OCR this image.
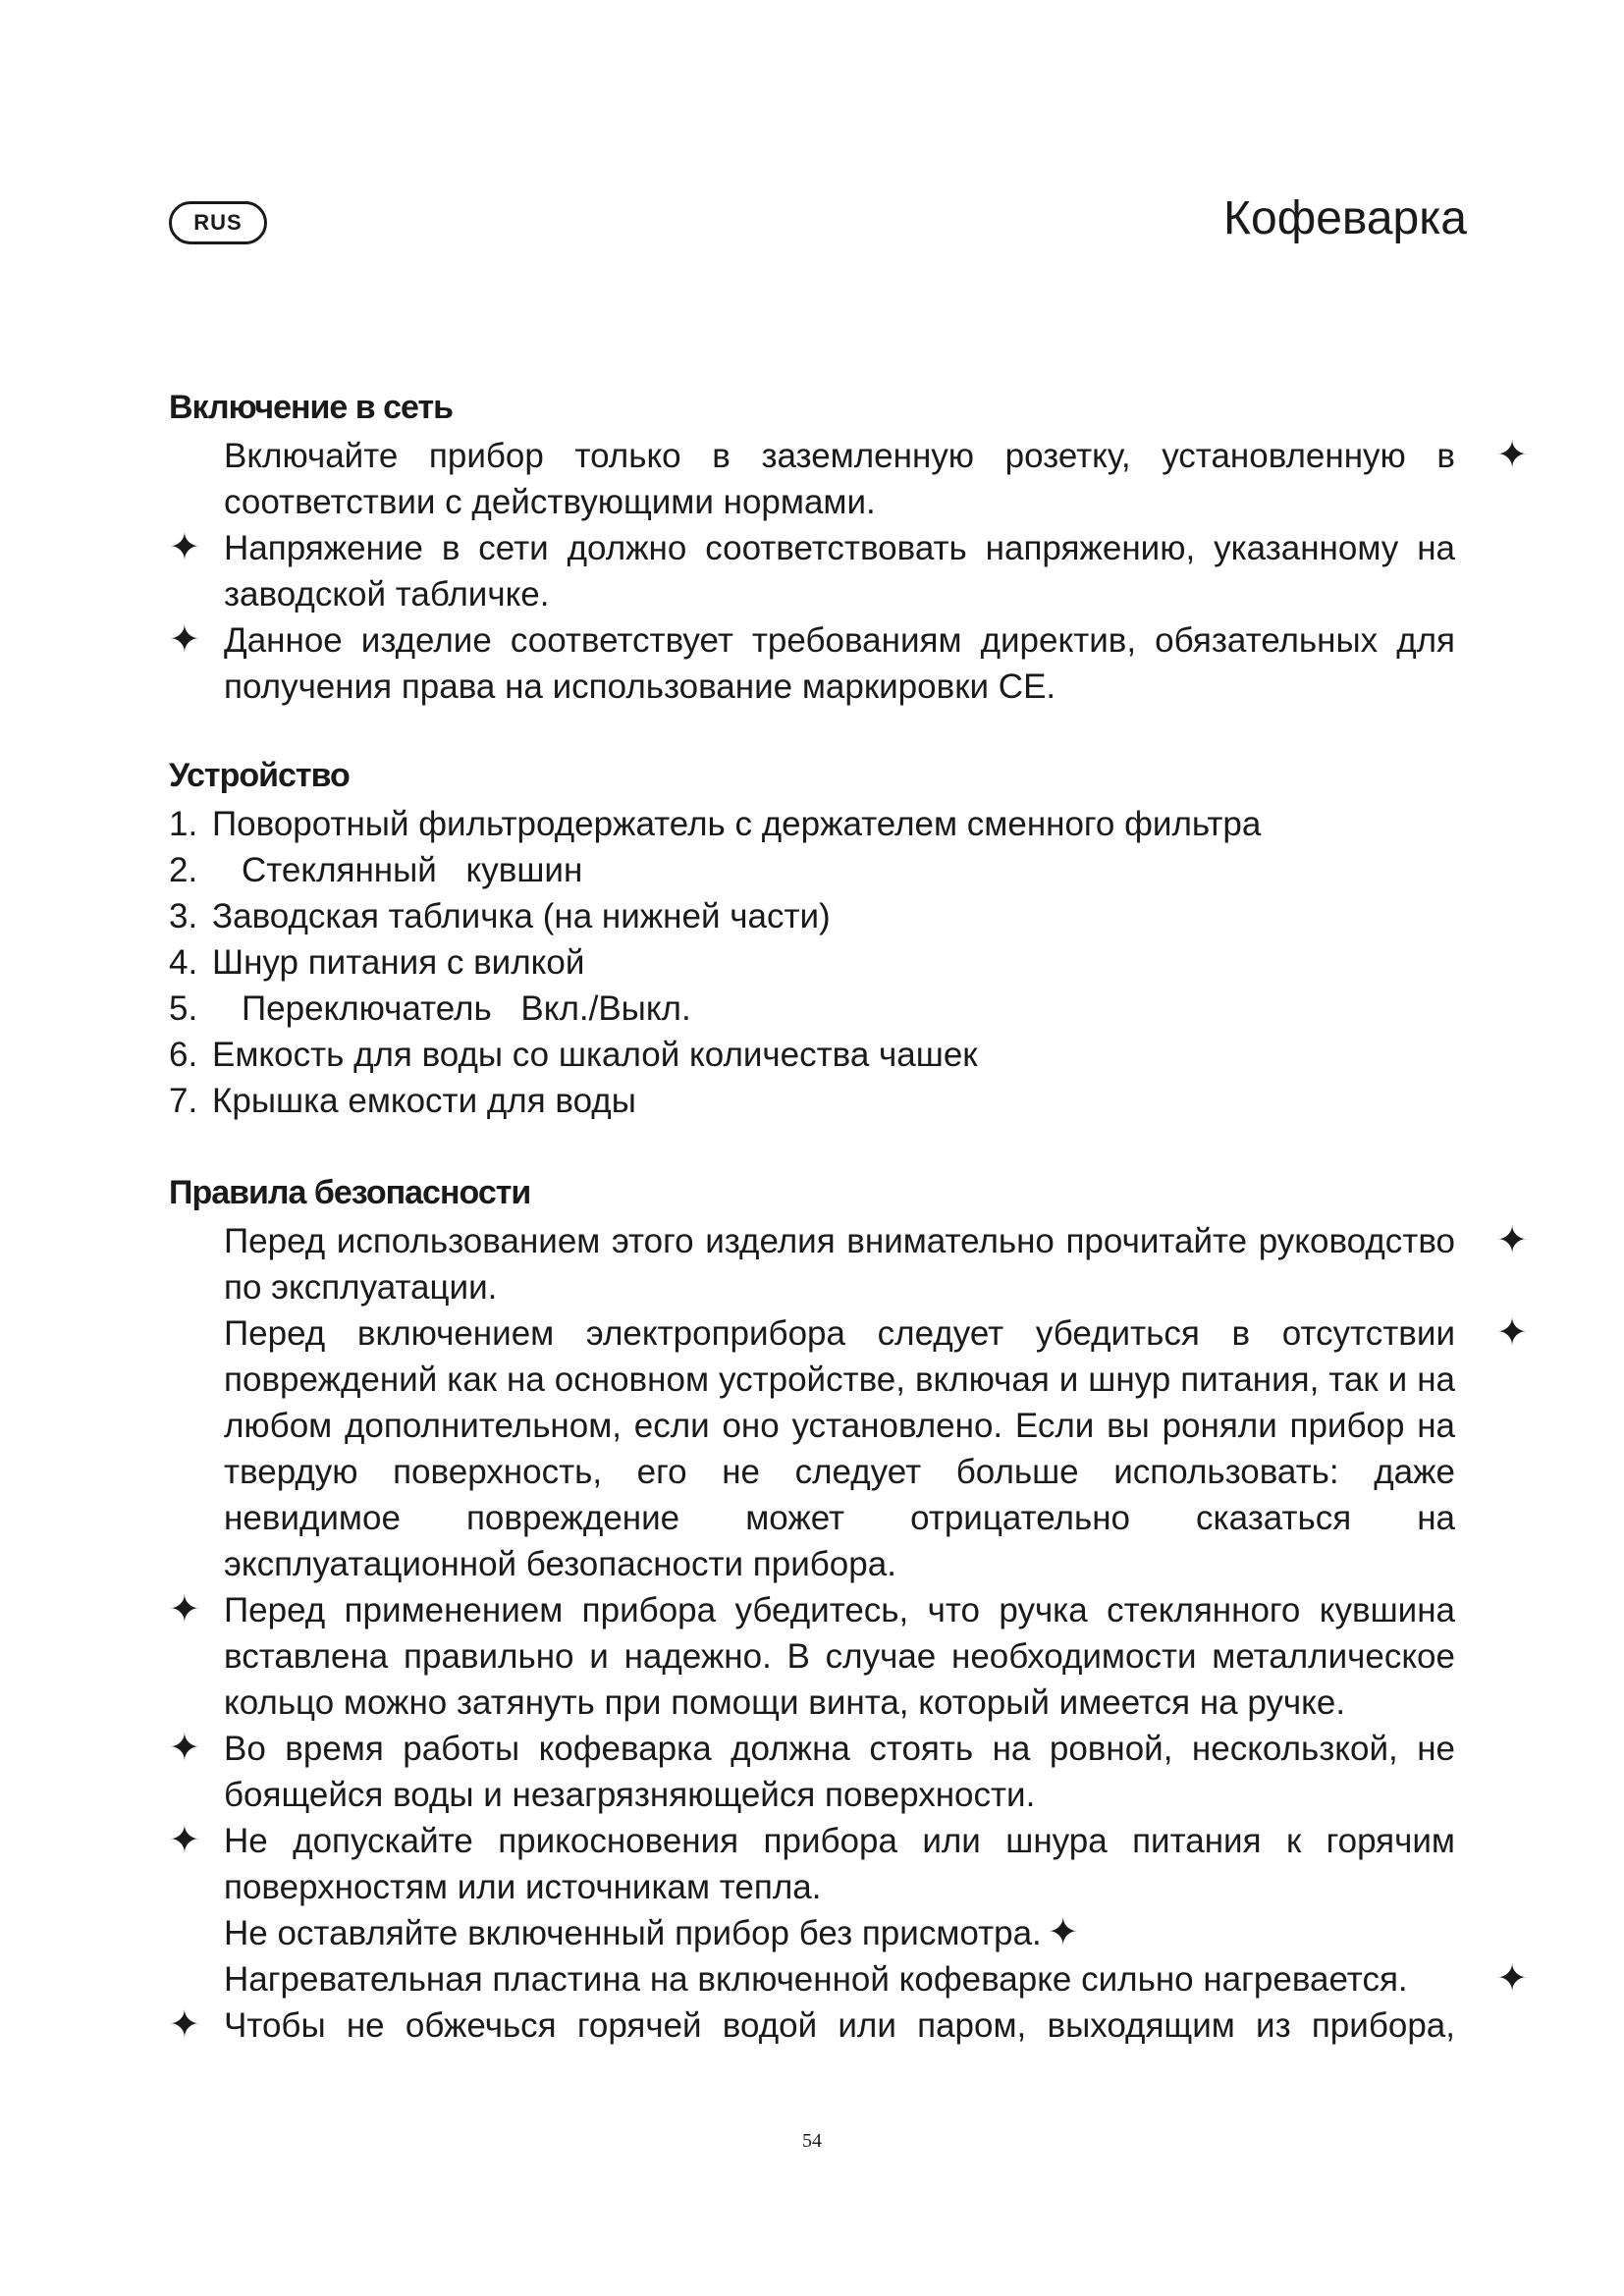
RUS	Кофеварка
Включение в сеть
Включайте прибор только в заземленную розетку, установленную в соответствии с действующими нормами.
✦
✦ Напряжение в сети должно соответствовать напряжению, указанному на заводской табличке.
✦ Данное изделие соответствует требованиям директив, обязательных для получения права на использование маркировки CE.
Устройство
1. Поворотный фильтродержатель с держателем сменного фильтра
2.	Стеклянный кувшин
3. Заводская табличка (на нижней части)
4. Шнур питания с вилкой
5.	Переключатель Вкл./Выкл.
6. Емкость для воды со шкалой количества чашек
7. Крышка емкости для воды
Правила безопасности
Перед использованием этого изделия внимательно прочитайте руководство по эксплуатации.
✦
Перед включением электроприбора следует убедиться в отсутствии повреждений как на основном устройстве, включая и шнур питания, так и на любом дополнительном, если оно установлено. Если вы роняли прибор на твердую поверхность, его не следует больше использовать: даже невидимое повреждение может отрицательно сказаться на эксплуатационной безопасности прибора.
✦
✦ Перед применением прибора убедитесь, что ручка стеклянного кувшина вставлена правильно и надежно. В случае необходимости металлическое кольцо можно затянуть при помощи винта, который имеется на ручке.
✦ Во время работы кофеварка должна стоять на ровной, нескользкой, не боящейся воды и незагрязняющейся поверхности.
✦ Не допускайте прикосновения прибора или шнура питания к горячим поверхностям или источникам тепла.
Не оставляйте включенный прибор без присмотра. ✦
Нагревательная пластина на включенной кофеварке сильно нагревается. ✦
✦ Чтобы не обжечься горячей водой или паром, выходящим из прибора,
54
